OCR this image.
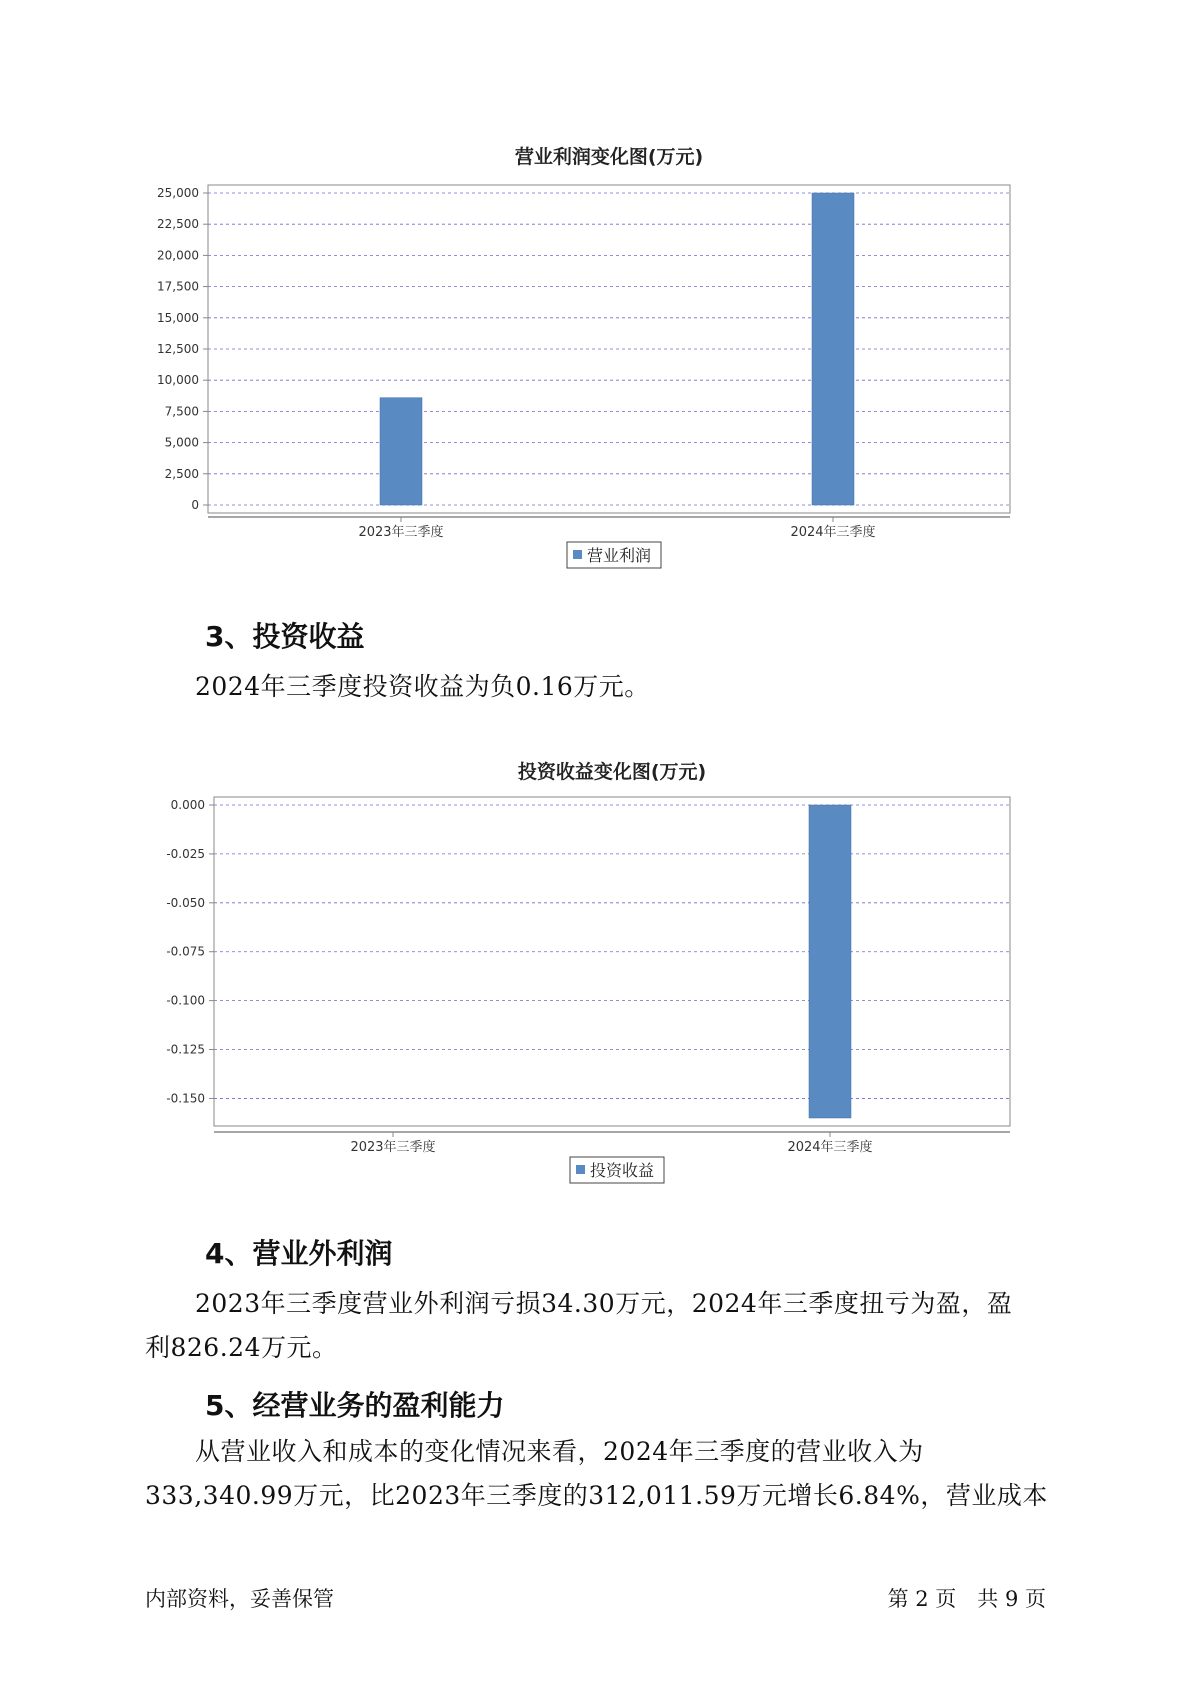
营业利润变化图(万元)
0
2,500
5,000
7,500
10,000
12,500
15,000
17,500
20,000
22,500
25,000
2023年三季度	2024年三季度
营业利润
3、投资收益

2024年三季度投资收益为负0.16万元。

投资收益变化图(万元)
0.000
-0.025
-0.050
-0.075
-0.100
-0.125
-0.150
2023年三季度	2024年三季度
投资收益
4、营业外利润

2023年三季度营业外利润亏损34.30万元，2024年三季度扭亏为盈，盈
利826.24万元。

5、经营业务的盈利能力

从营业收入和成本的变化情况来看，2024年三季度的营业收入为
333,340.99万元，比2023年三季度的312,011.59万元增长6.84%，营业成本

内部资料，妥善保管	第 2 页　共 9 页
